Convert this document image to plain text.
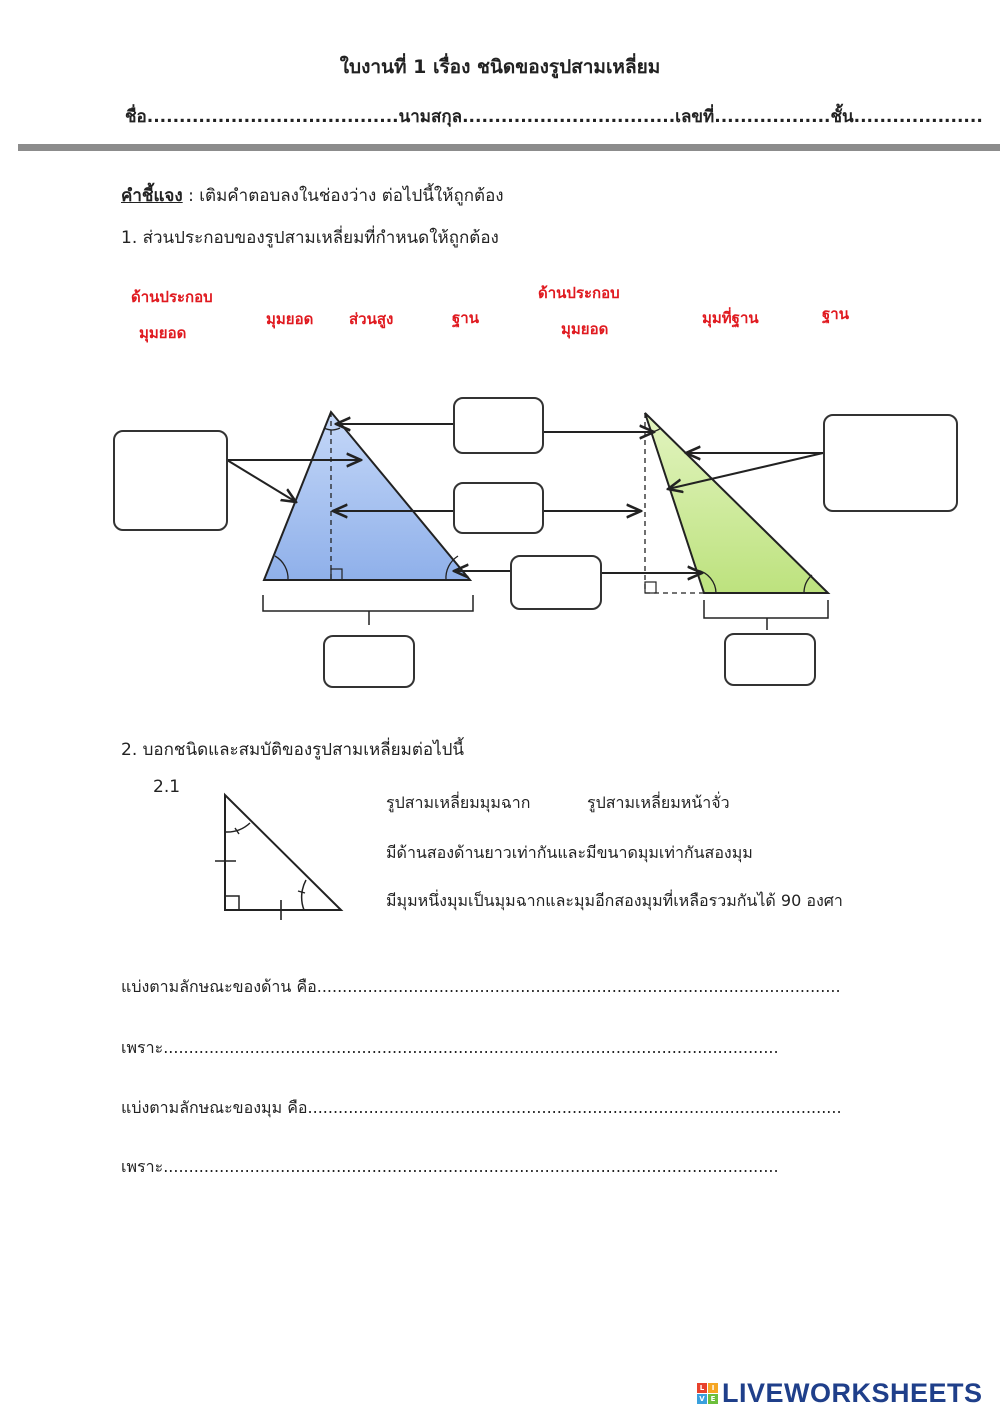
ใบงานที่ 1 เรื่อง ชนิดของรูปสามเหลี่ยม
ชื่อ.......................................นามสกุล.................................เลขที่..................ชั้น....................
คำชี้แจง : เติมคำตอบลงในช่องว่าง ต่อไปนี้ให้ถูกต้อง
1. ส่วนประกอบของรูปสามเหลี่ยมที่กำหนดให้ถูกต้อง
ด้านประกอบ
มุมยอด
มุมยอด ส่วนสูง	ฐาน
ด้านประกอบ
มุมยอด
มุมที่ฐาน	ฐาน
2. บอกชนิดและสมบัติของรูปสามเหลี่ยมต่อไปนี้
2.1
รูปสามเหลี่ยมมุมฉาก	รูปสามเหลี่ยมหน้าจั่ว
มีด้านสองด้านยาวเท่ากันและมีขนาดมุมเท่ากันสองมุม
มีมุมหนึ่งมุมเป็นมุมฉากและมุมอีกสองมุมที่เหลือรวมกันได้ 90 องศา
แบ่งตามลักษณะของด้าน คือ.......................................................................................................
เพราะ.........................................................................................................................
แบ่งตามลักษณะของมุม คือ.........................................................................................................
เพราะ.........................................................................................................................
L	I
V E LIVEWORKSHEETS
